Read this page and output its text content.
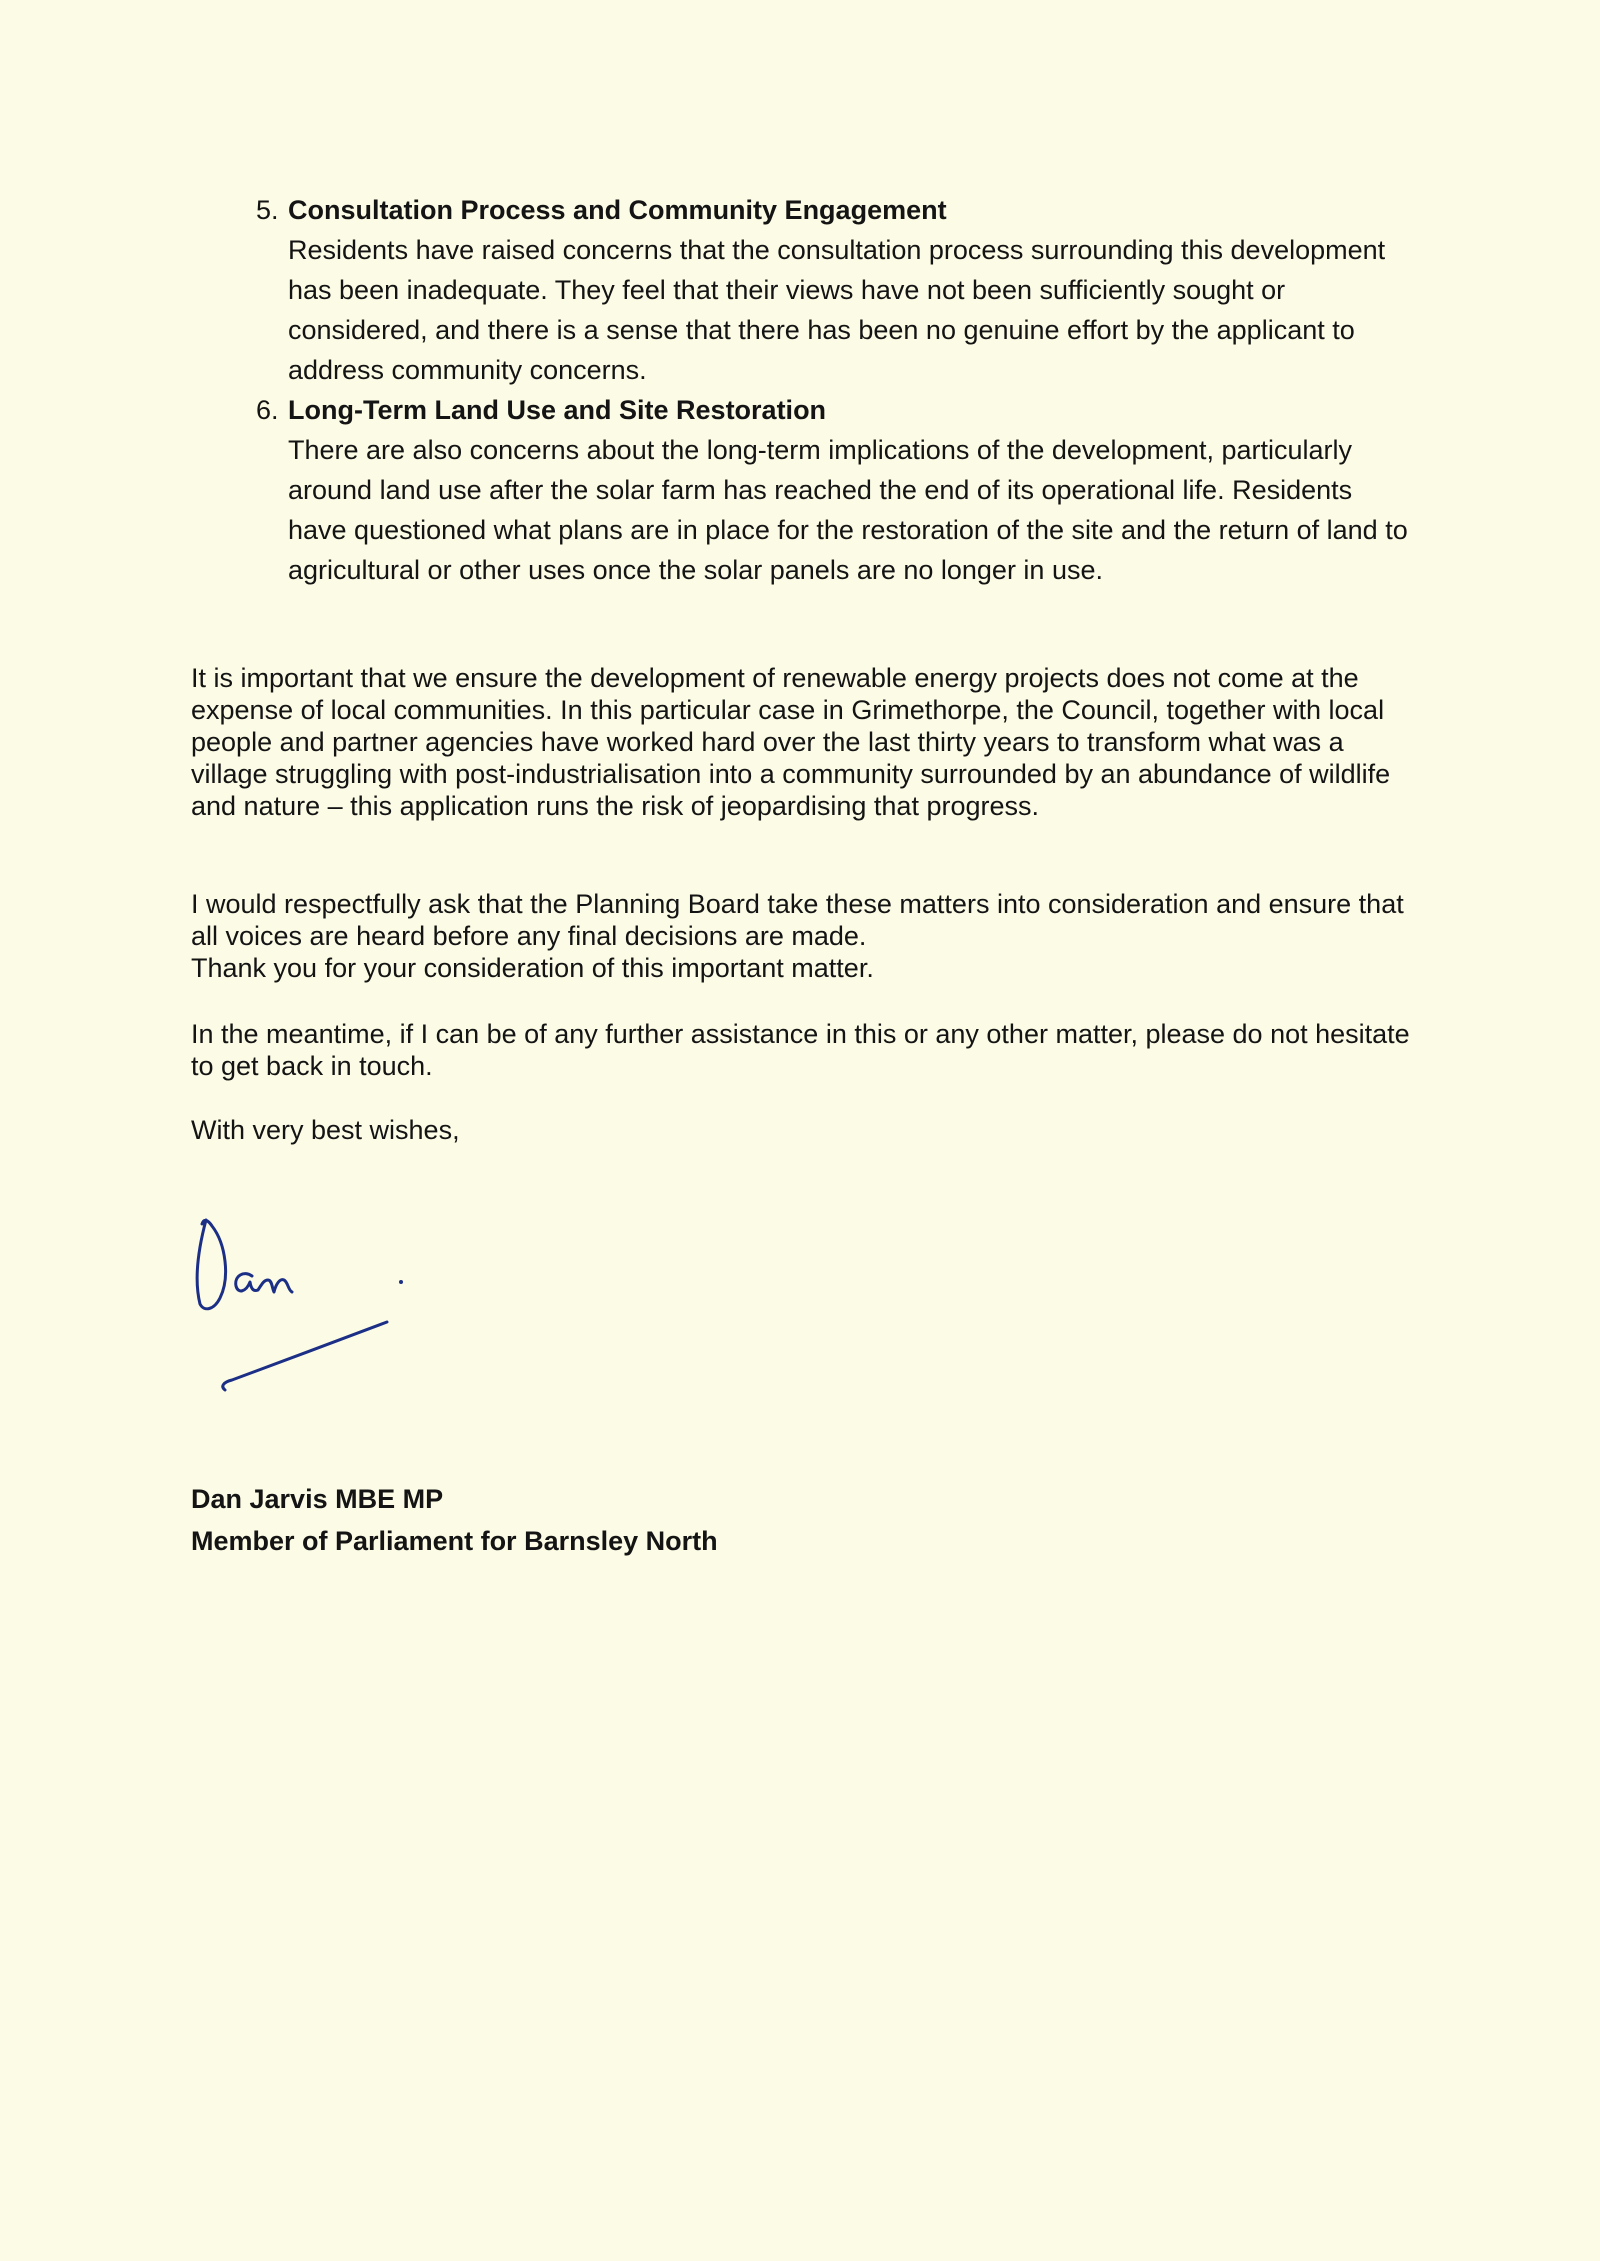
5. Consultation Process and Community Engagement
Residents have raised concerns that the consultation process surrounding this development has been inadequate. They feel that their views have not been sufficiently sought or considered, and there is a sense that there has been no genuine effort by the applicant to address community concerns.
6. Long-Term Land Use and Site Restoration
There are also concerns about the long-term implications of the development, particularly around land use after the solar farm has reached the end of its operational life. Residents have questioned what plans are in place for the restoration of the site and the return of land to agricultural or other uses once the solar panels are no longer in use.

It is important that we ensure the development of renewable energy projects does not come at the expense of local communities. In this particular case in Grimethorpe, the Council, together with local people and partner agencies have worked hard over the last thirty years to transform what was a village struggling with post-industrialisation into a community surrounded by an abundance of wildlife and nature – this application runs the risk of jeopardising that progress.

I would respectfully ask that the Planning Board take these matters into consideration and ensure that all voices are heard before any final decisions are made.

Thank you for your consideration of this important matter.

In the meantime, if I can be of any further assistance in this or any other matter, please do not hesitate to get back in touch.

With very best wishes,

Dan Jarvis MBE MP
Member of Parliament for Barnsley North
